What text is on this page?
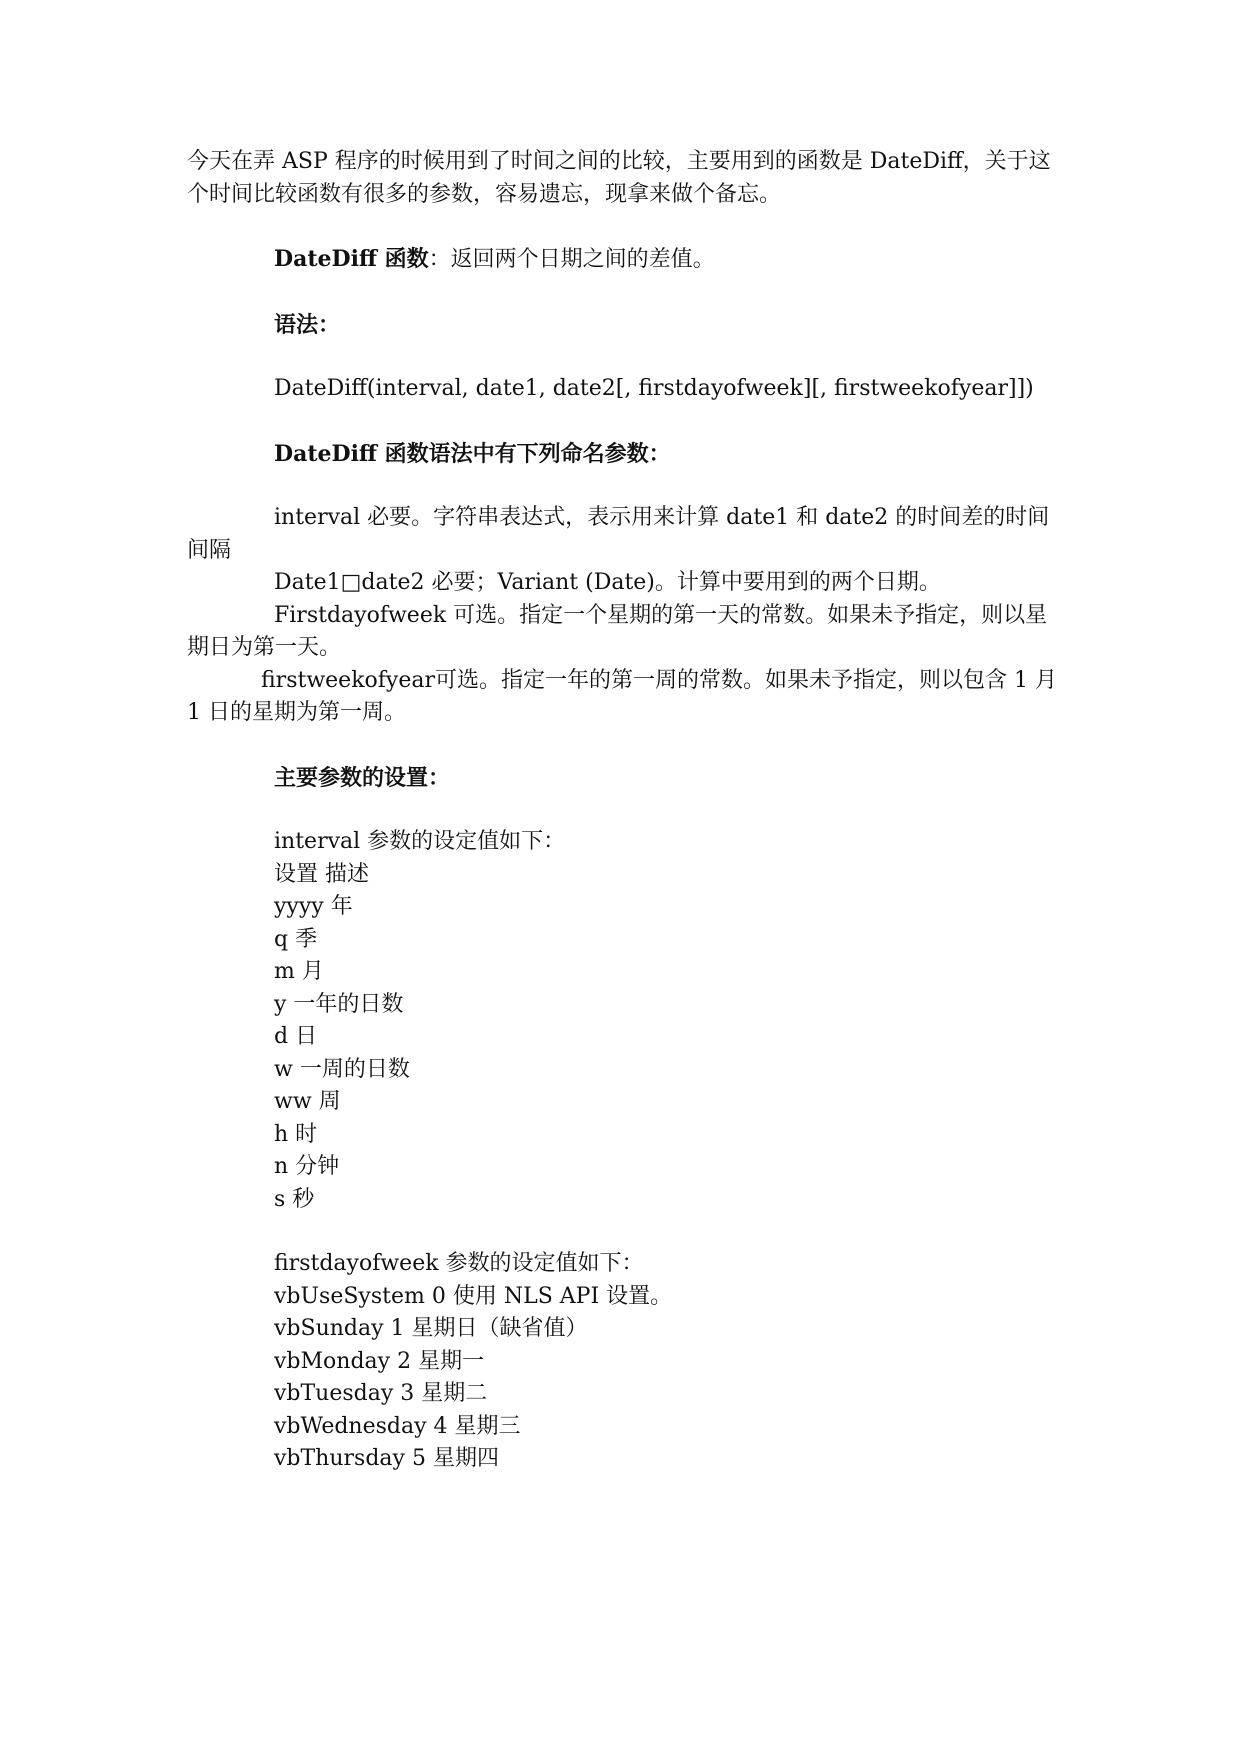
今天在弄 ASP 程序的时候用到了时间之间的比较，主要用到的函数是 DateDiff，关于这个时间比较函数有很多的参数，容易遗忘，现拿来做个备忘。

DateDiff 函数：返回两个日期之间的差值。

语法：

DateDiff(interval, date1, date2[, firstdayofweek][, firstweekofyear]])

DateDiff 函数语法中有下列命名参数：

interval 必要。字符串表达式，表示用来计算 date1 和 date2 的时间差的时间间隔

Date1□date2 必要；Variant (Date)。计算中要用到的两个日期。

Firstdayofweek 可选。指定一个星期的第一天的常数。如果未予指定，则以星期日为第一天。

firstweekofyear可选。指定一年的第一周的常数。如果未予指定，则以包含 1 月 1 日的星期为第一周。

主要参数的设置：

interval 参数的设定值如下：

设置 描述
yyyy 年
q 季
m 月
y 一年的日数
d 日
w 一周的日数
ww 周
h 时
n 分钟
s 秒

firstdayofweek 参数的设定值如下：

vbUseSystem 0 使用 NLS API 设置。
vbSunday 1 星期日（缺省值）
vbMonday 2 星期一
vbTuesday 3 星期二
vbWednesday 4 星期三
vbThursday 5 星期四
